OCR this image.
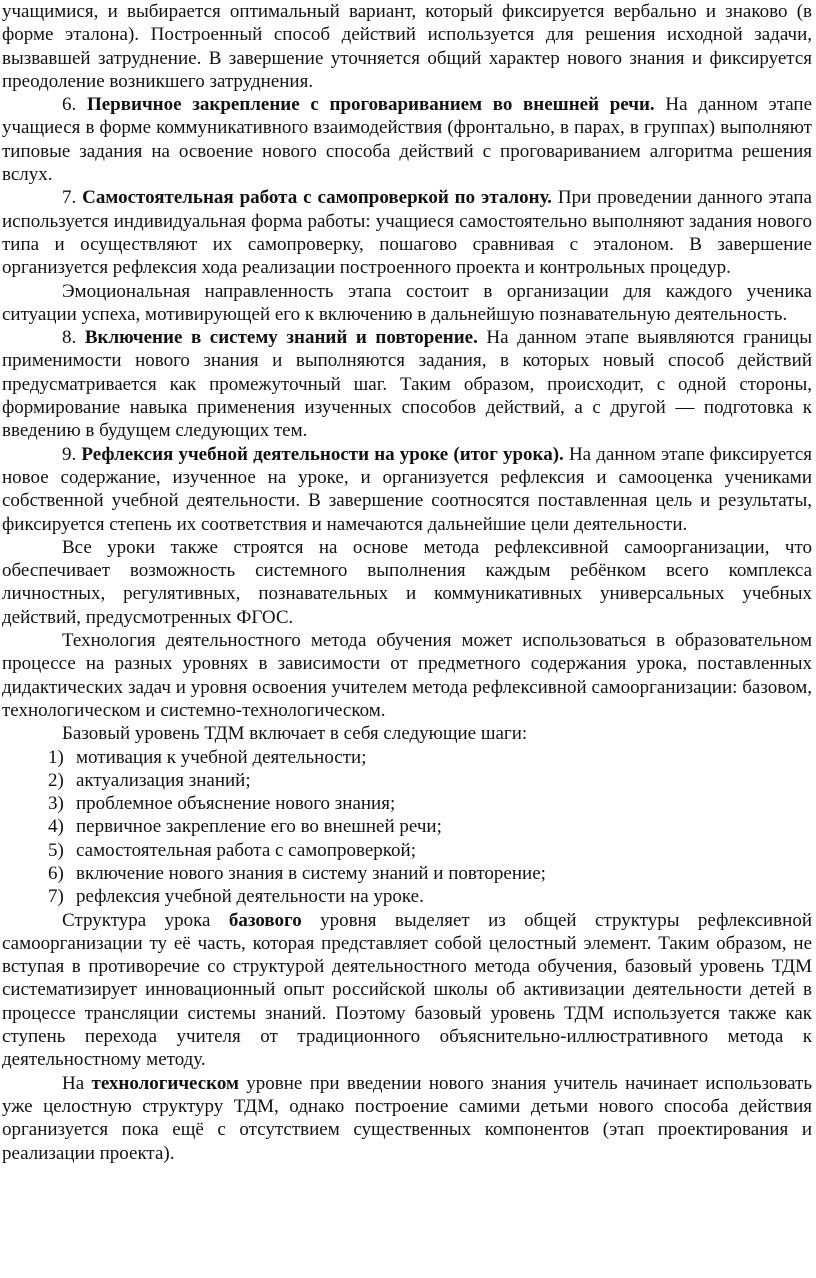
учащимися, и выбирается оптимальный вариант, который фиксируется вербально и знаково (в форме эталона). Построенный способ действий используется для решения исходной задачи, вызвавшей затруднение. В завершение уточняется общий характер нового знания и фиксируется преодоление возникшего затруднения.

6. Первичное закрепление с проговариванием во внешней речи. На данном этапе учащиеся в форме коммуникативного взаимодействия (фронтально, в парах, в группах) выполняют типовые задания на освоение нового способа действий с проговариванием алгоритма решения вслух.

7. Самостоятельная работа с самопроверкой по эталону. При проведении данного этапа используется индивидуальная форма работы: учащиеся самостоятельно выполняют задания нового типа и осуществляют их самопроверку, пошагово сравнивая с эталоном. В завершение организуется рефлексия хода реализации построенного проекта и контрольных процедур.

Эмоциональная направленность этапа состоит в организации для каждого ученика ситуации успеха, мотивирующей его к включению в дальнейшую познавательную деятельность.

8. Включение в систему знаний и повторение. На данном этапе выявляются границы применимости нового знания и выполняются задания, в которых новый способ действий предусматривается как промежуточный шаг. Таким образом, происходит, с одной стороны, формирование навыка применения изученных способов действий, а с другой — подготовка к введению в будущем следующих тем.

9. Рефлексия учебной деятельности на уроке (итог урока). На данном этапе фиксируется новое содержание, изученное на уроке, и организуется рефлексия и самооценка учениками собственной учебной деятельности. В завершение соотносятся поставленная цель и результаты, фиксируется степень их соответствия и намечаются дальнейшие цели деятельности.

Все уроки также строятся на основе метода рефлексивной самоорганизации, что обеспечивает возможность системного выполнения каждым ребёнком всего комплекса личностных, регулятивных, познавательных и коммуникативных универсальных учебных действий, предусмотренных ФГОС.

Технология деятельностного метода обучения может использоваться в образовательном процессе на разных уровнях в зависимости от предметного содержания урока, поставленных дидактических задач и уровня освоения учителем метода рефлексивной самоорганизации: базовом, технологическом и системно-технологическом.

Базовый уровень ТДМ включает в себя следующие шаги:

1) мотивация к учебной деятельности;
2) актуализация знаний;
3) проблемное объяснение нового знания;
4) первичное закрепление его во внешней речи;
5) самостоятельная работа с самопроверкой;
6) включение нового знания в систему знаний и повторение;
7) рефлексия учебной деятельности на уроке.

Структура урока базового уровня выделяет из общей структуры рефлексивной самоорганизации ту её часть, которая представляет собой целостный элемент. Таким образом, не вступая в противоречие со структурой деятельностного метода обучения, базовый уровень ТДМ систематизирует инновационный опыт российской школы об активизации деятельности детей в процессе трансляции системы знаний. Поэтому базовый уровень ТДМ используется также как ступень перехода учителя от традиционного объяснительно-иллюстративного метода к деятельностному методу.

На технологическом уровне при введении нового знания учитель начинает использовать уже целостную структуру ТДМ, однако построение самими детьми нового способа действия организуется пока ещё с отсутствием существенных компонентов (этап проектирования и реализации проекта).
